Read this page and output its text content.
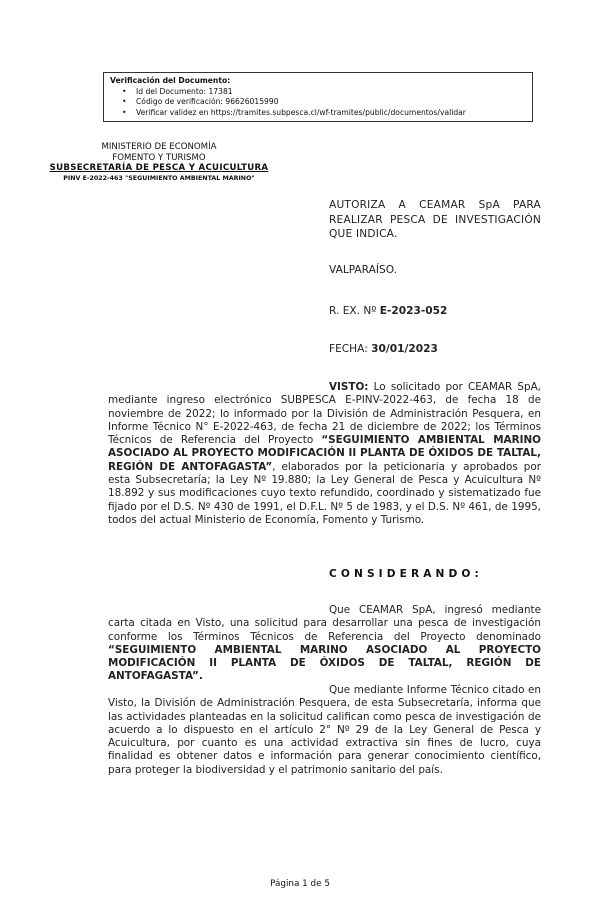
Verificación del Documento:
• Id del Documento: 17381
• Código de verificación: 96626015990
• Verificar validez en https://tramites.subpesca.cl/wf-tramites/public/documentos/validar
MINISTERIO DE ECONOMÍA
FOMENTO Y TURISMO
SUBSECRETARÍA DE PESCA Y ACUICULTURA
PINV E-2022-463 "SEGUIMIENTO AMBIENTAL MARINO"
AUTORIZA A CEAMAR SpA PARA REALIZAR PESCA DE INVESTIGACIÓN QUE INDICA.
VALPARAÍSO.
R. EX. Nº E-2023-052
FECHA: 30/01/2023
VISTO: Lo solicitado por CEAMAR SpA, mediante ingreso electrónico SUBPESCA E-PINV-2022-463, de fecha 18 de noviembre de 2022; lo informado por la División de Administración Pesquera, en Informe Técnico N° E-2022-463, de fecha 21 de diciembre de 2022; los Términos Técnicos de Referencia del Proyecto “SEGUIMIENTO AMBIENTAL MARINO ASOCIADO AL PROYECTO MODIFICACIÓN II PLANTA DE ÓXIDOS DE TALTAL, REGIÓN DE ANTOFAGASTA”, elaborados por la peticionaria y aprobados por esta Subsecretaría; la Ley Nº 19.880; la Ley General de Pesca y Acuicultura Nº 18.892 y sus modificaciones cuyo texto refundido, coordinado y sistematizado fue fijado por el D.S. Nº 430 de 1991, el D.F.L. Nº 5 de 1983, y el D.S. Nº 461, de 1995, todos del actual Ministerio de Economía, Fomento y Turismo.
CONSIDERANDO:
Que CEAMAR SpA, ingresó mediante carta citada en Visto, una solicitud para desarrollar una pesca de investigación conforme los Términos Técnicos de Referencia del Proyecto denominado “SEGUIMIENTO AMBIENTAL MARINO ASOCIADO AL PROYECTO MODIFICACIÓN II PLANTA DE ÓXIDOS DE TALTAL, REGIÓN DE ANTOFAGASTA”.
Que mediante Informe Técnico citado en Visto, la División de Administración Pesquera, de esta Subsecretaría, informa que las actividades planteadas en la solicitud califican como pesca de investigación de acuerdo a lo dispuesto en el artículo 2° Nº 29 de la Ley General de Pesca y Acuicultura, por cuanto es una actividad extractiva sin fines de lucro, cuya finalidad es obtener datos e información para generar conocimiento científico, para proteger la biodiversidad y el patrimonio sanitario del país.
Página 1 de 5
